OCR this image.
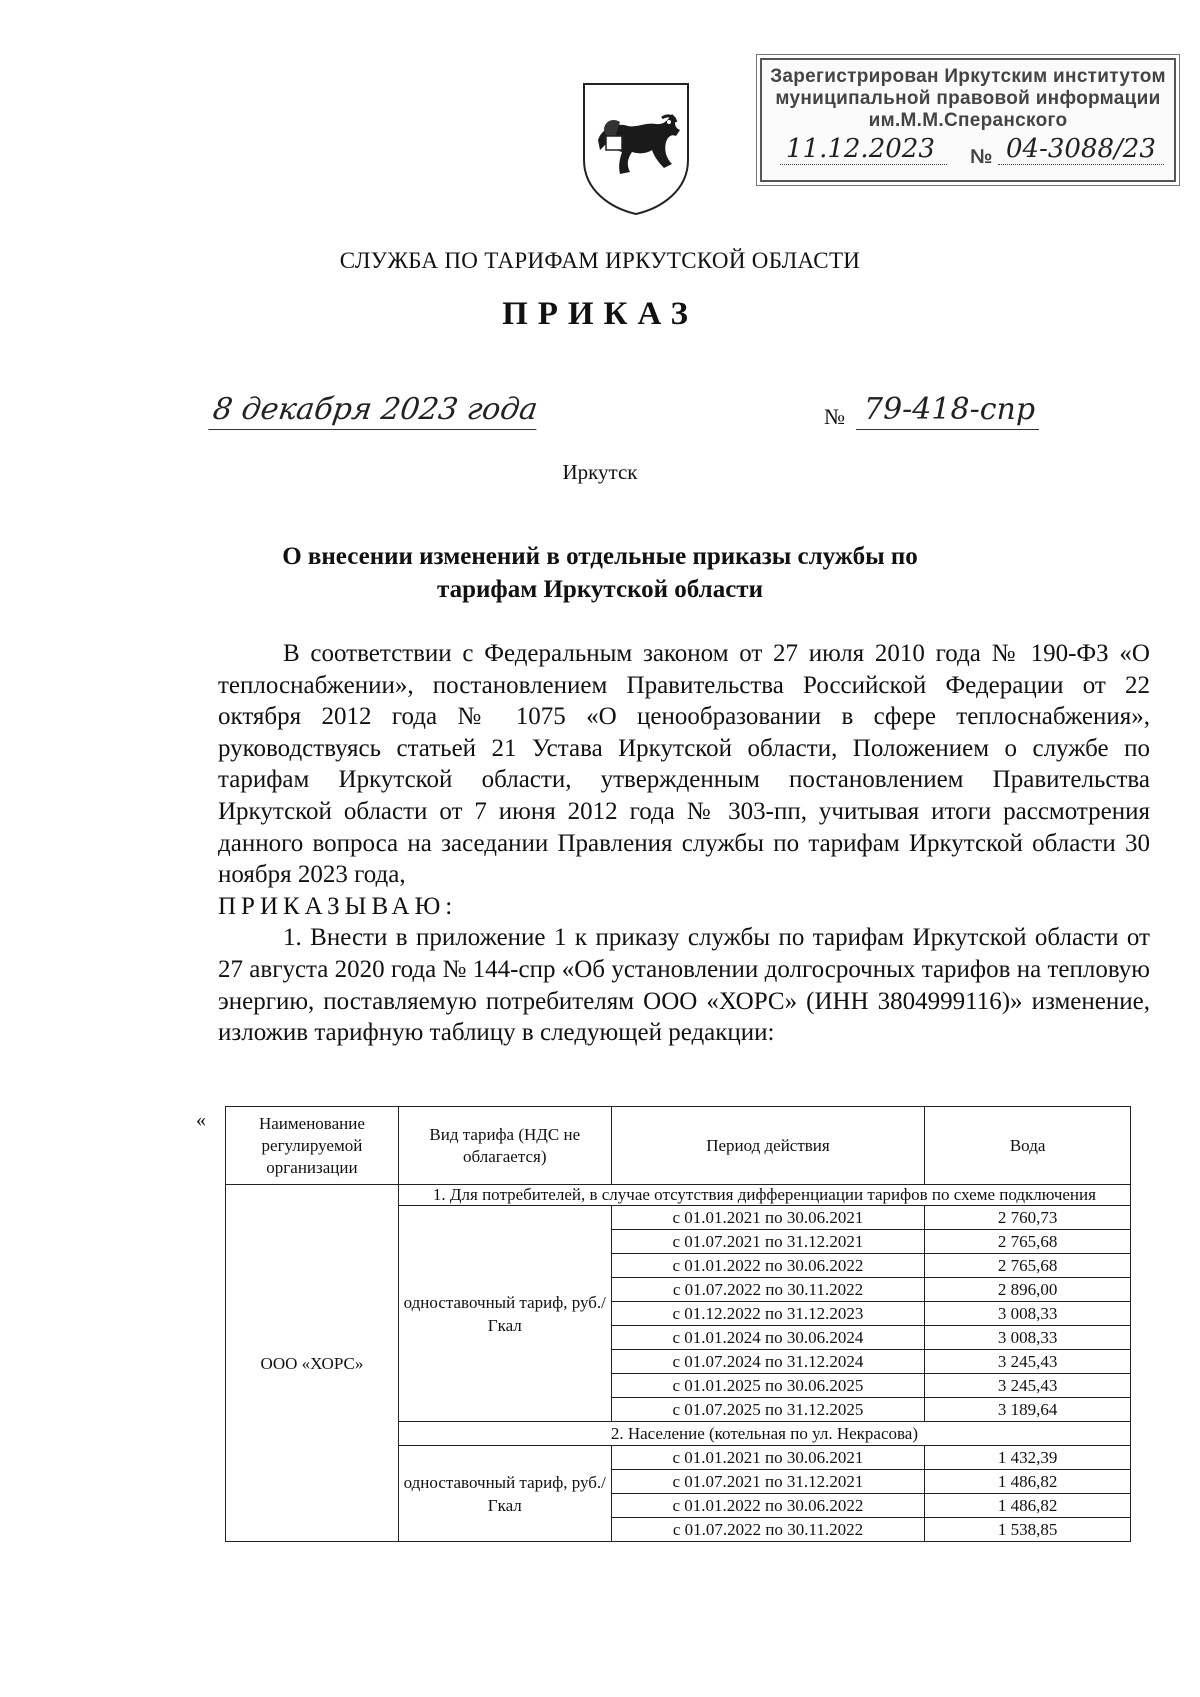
Зарегистрирован Иркутским институтом
муниципальной правовой информации
им.М.М.Сперанского
11.12.2023	№ 04-3088/23
СЛУЖБА ПО ТАРИФАМ ИРКУТСКОЙ ОБЛАСТИ
ПРИКАЗ
8 декабря 2023 года	№ 79-418-спр
Иркутск
О внесении изменений в отдельные приказы службы по тарифам Иркутской области

В соответствии с Федеральным законом от 27 июля 2010 года № 190-ФЗ «О теплоснабжении», постановлением Правительства Российской Федерации от 22 октября 2012 года № 1075 «О ценообразовании в сфере теплоснабжения», руководствуясь статьей 21 Устава Иркутской области, Положением о службе по тарифам Иркутской области, утвержденным постановлением Правительства Иркутской области от 7 июня 2012 года № 303-пп, учитывая итоги рассмотрения данного вопроса на заседании Правления службы по тарифам Иркутской области 30 ноября 2023 года,

ПРИКАЗЫВАЮ:

1. Внести в приложение 1 к приказу службы по тарифам Иркутской области от 27 августа 2020 года № 144-спр «Об установлении долгосрочных тарифов на тепловую энергию, поставляемую потребителям ООО «ХОРС» (ИНН 3804999116)» изменение, изложив тарифную таблицу в следующей редакции:

«	Наименование регулируемой организации	Вид тарифа (НДС не облагается)	Период действия	Вода
ООО «ХОРС»	1. Для потребителей, в случае отсутствия дифференциации тарифов по схеме подключения		
	одноставочный тариф, руб./Гкал	с 01.01.2021 по 30.06.2021	2 760,73
		с 01.07.2021 по 31.12.2021	2 765,68
		с 01.01.2022 по 30.06.2022	2 765,68
		с 01.07.2022 по 30.11.2022	2 896,00
		с 01.12.2022 по 31.12.2023	3 008,33
		с 01.01.2024 по 30.06.2024	3 008,33
		с 01.07.2024 по 31.12.2024	3 245,43
		с 01.01.2025 по 30.06.2025	3 245,43
		с 01.07.2025 по 31.12.2025	3 189,64
	2. Население (котельная по ул. Некрасова)		
	одноставочный тариф, руб./Гкал	с 01.01.2021 по 30.06.2021	1 432,39
		с 01.07.2021 по 31.12.2021	1 486,82
		с 01.01.2022 по 30.06.2022	1 486,82
		с 01.07.2022 по 30.11.2022	1 538,85
